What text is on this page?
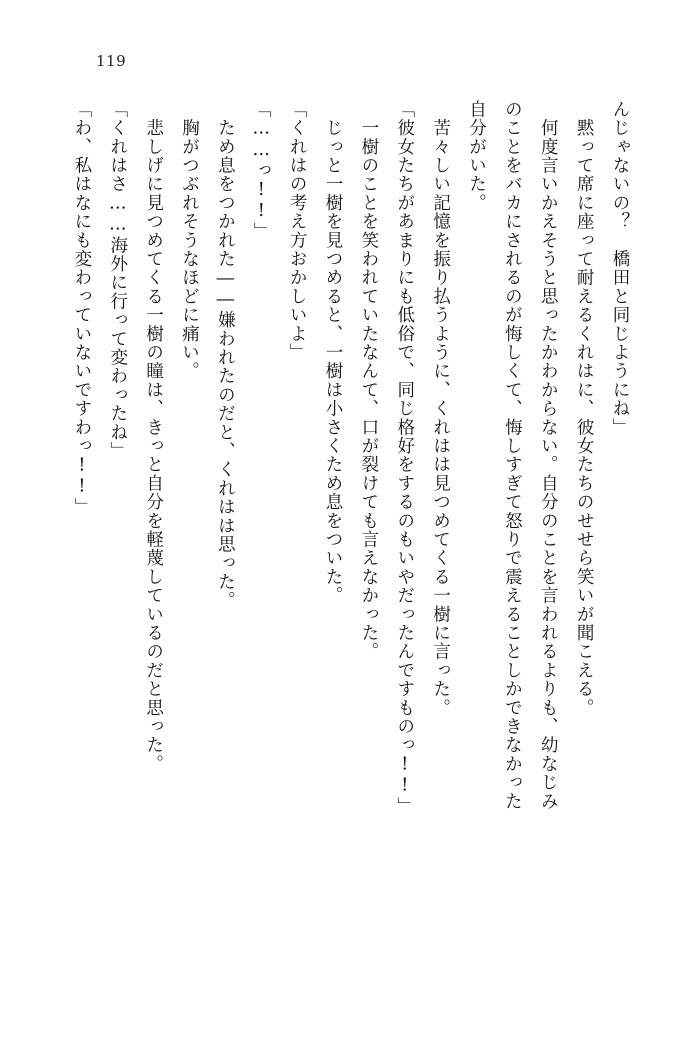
119
んじゃないの？　橋田と同じようにね」
　黙って席に座って耐えるくれはに、彼女たちのせせら笑いが聞こえる。
　何度言いかえそうと思ったかわからない。自分のことを言われるよりも、幼なじみ
のことをバカにされるのが悔しくて、悔しすぎて怒りで震えることしかできなかった
自分がいた。
　苦々しい記憶を振り払うように、くれはは見つめてくる一樹に言った。
「彼女たちがあまりにも低俗で、同じ格好をするのもいやだったんですものっ!!」
　一樹のことを笑われていたなんて、口が裂けても言えなかった。
　じっと一樹を見つめると、一樹は小さくため息をついた。
「くれはの考え方おかしいよ」
「……っ!!」
　ため息をつかれた――嫌われたのだと、くれはは思った。
　胸がつぶれそうなほどに痛い。
　悲しげに見つめてくる一樹の瞳は、きっと自分を軽蔑しているのだと思った。
「くれはさ……海外に行って変わったね」
「わ、私はなにも変わっていないですわっ!!」
